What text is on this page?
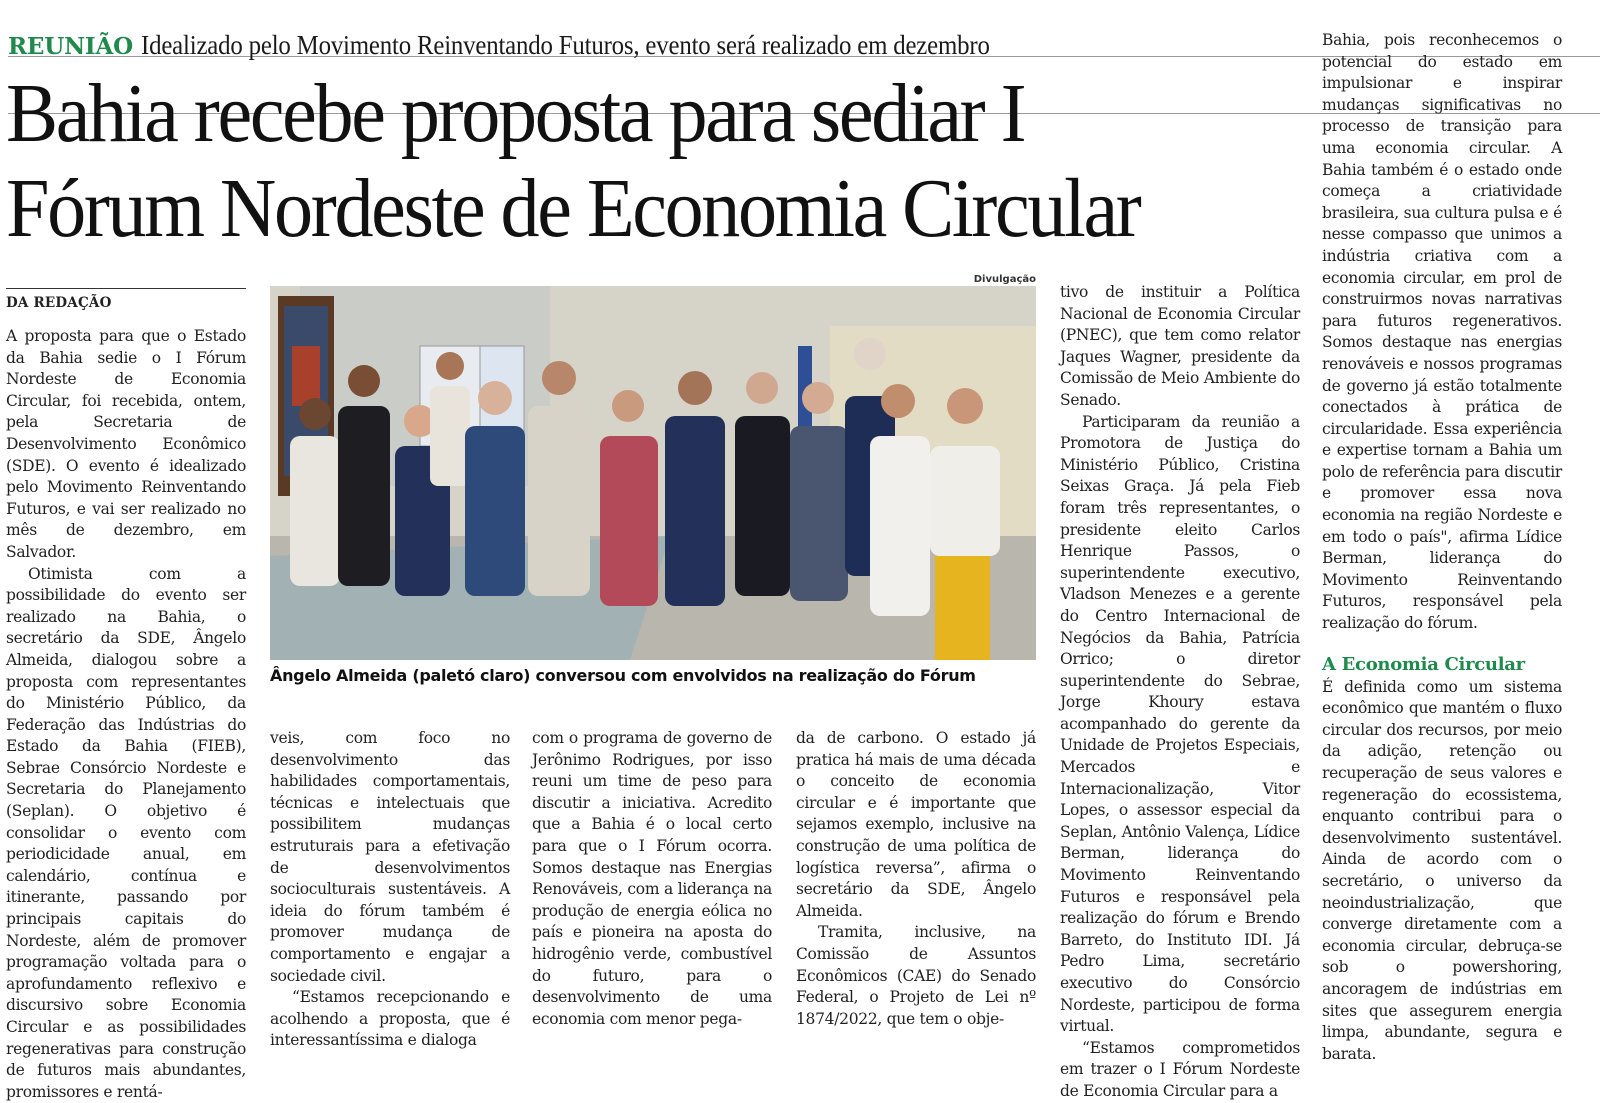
REUNIÃO Idealizado pelo Movimento Reinventando Futuros, evento será realizado em dezembro
Bahia recebe proposta para sediar I
Fórum Nordeste de Economia Circular
DA REDAÇÃO

A proposta para que o Estado da Bahia sedie o I Fórum Nordeste de Economia Circular, foi recebida, ontem, pela Secretaria de Desenvolvimento Econômico (SDE). O evento é idealizado pelo Movimento Reinventando Futuros, e vai ser realizado no mês de dezembro, em Salvador.

Otimista com a possibilidade do evento ser realizado na Bahia, o secretário da SDE, Ângelo Almeida, dialogou sobre a proposta com representantes do Ministério Público, da Federação das Indústrias do Estado da Bahia (FIEB), Sebrae Consórcio Nordeste e Secretaria do Planejamento (Seplan). O objetivo é consolidar o evento com periodicidade anual, em calendário, contínua e itinerante, passando por principais capitais do Nordeste, além de promover programação voltada para o aprofundamento reflexivo e discursivo sobre Economia Circular e as possibilidades regenerativas para construção de futuros mais abundantes, promissores e rentá-

Divulgação
Ângelo Almeida (paletó claro) conversou com envolvidos na realização do Fórum

veis, com foco no desenvolvimento das habilidades comportamentais, técnicas e intelectuais que possibilitem mudanças estruturais para a efetivação de desenvolvimentos socioculturais sustentáveis. A ideia do fórum também é promover mudança de comportamento e engajar a sociedade civil.

“Estamos recepcionando e acolhendo a proposta, que é interessantíssima e dialoga

com o programa de governo de Jerônimo Rodrigues, por isso reuni um time de peso para discutir a iniciativa. Acredito que a Bahia é o local certo para que o I Fórum ocorra. Somos destaque nas Energias Renováveis, com a liderança na produção de energia eólica no país e pioneira na aposta do hidrogênio verde, combustível do futuro, para o desenvolvimento de uma economia com menor pega-

da de carbono. O estado já pratica há mais de uma década o conceito de economia circular e é importante que sejamos exemplo, inclusive na construção de uma política de logística reversa”, afirma o secretário da SDE, Ângelo Almeida.

Tramita, inclusive, na Comissão de Assuntos Econômicos (CAE) do Senado Federal, o Projeto de Lei nº 1874/2022, que tem o obje-

tivo de instituir a Política Nacional de Economia Circular (PNEC), que tem como relator Jaques Wagner, presidente da Comissão de Meio Ambiente do Senado.

Participaram da reunião a Promotora de Justiça do Ministério Público, Cristina Seixas Graça. Já pela Fieb foram três representantes, o presidente eleito Carlos Henrique Passos, o superintendente executivo, Vladson Menezes e a gerente do Centro Internacional de Negócios da Bahia, Patrícia Orrico; o diretor superintendente do Sebrae, Jorge Khoury estava acompanhado do gerente da Unidade de Projetos Especiais, Mercados e Internacionalização, Vitor Lopes, o assessor especial da Seplan, Antônio Valença, Lídice Berman, liderança do Movimento Reinventando Futuros e responsável pela realização do fórum e Brendo Barreto, do Instituto IDI. Já Pedro Lima, secretário executivo do Consórcio Nordeste, participou de forma virtual.

“Estamos comprometidos em trazer o I Fórum Nordeste de Economia Circular para a

Bahia, pois reconhecemos o potencial do estado em impulsionar e inspirar mudanças significativas no processo de transição para uma economia circular. A Bahia também é o estado onde começa a criatividade brasileira, sua cultura pulsa e é nesse compasso que unimos a indústria criativa com a economia circular, em prol de construirmos novas narrativas para futuros regenerativos. Somos destaque nas energias renováveis e nossos programas de governo já estão totalmente conectados à prática de circularidade. Essa experiência e expertise tornam a Bahia um polo de referência para discutir e promover essa nova economia na região Nordeste e em todo o país", afirma Lídice Berman, liderança do Movimento Reinventando Futuros, responsável pela realização do fórum.

A Economia Circular

É definida como um sistema econômico que mantém o fluxo circular dos recursos, por meio da adição, retenção ou recuperação de seus valores e regeneração do ecossistema, enquanto contribui para o desenvolvimento sustentável. Ainda de acordo com o secretário, o universo da neoindustrialização, que converge diretamente com a economia circular, debruça-se sob o powershoring, ancoragem de indústrias em sites que assegurem energia limpa, abundante, segura e barata.
